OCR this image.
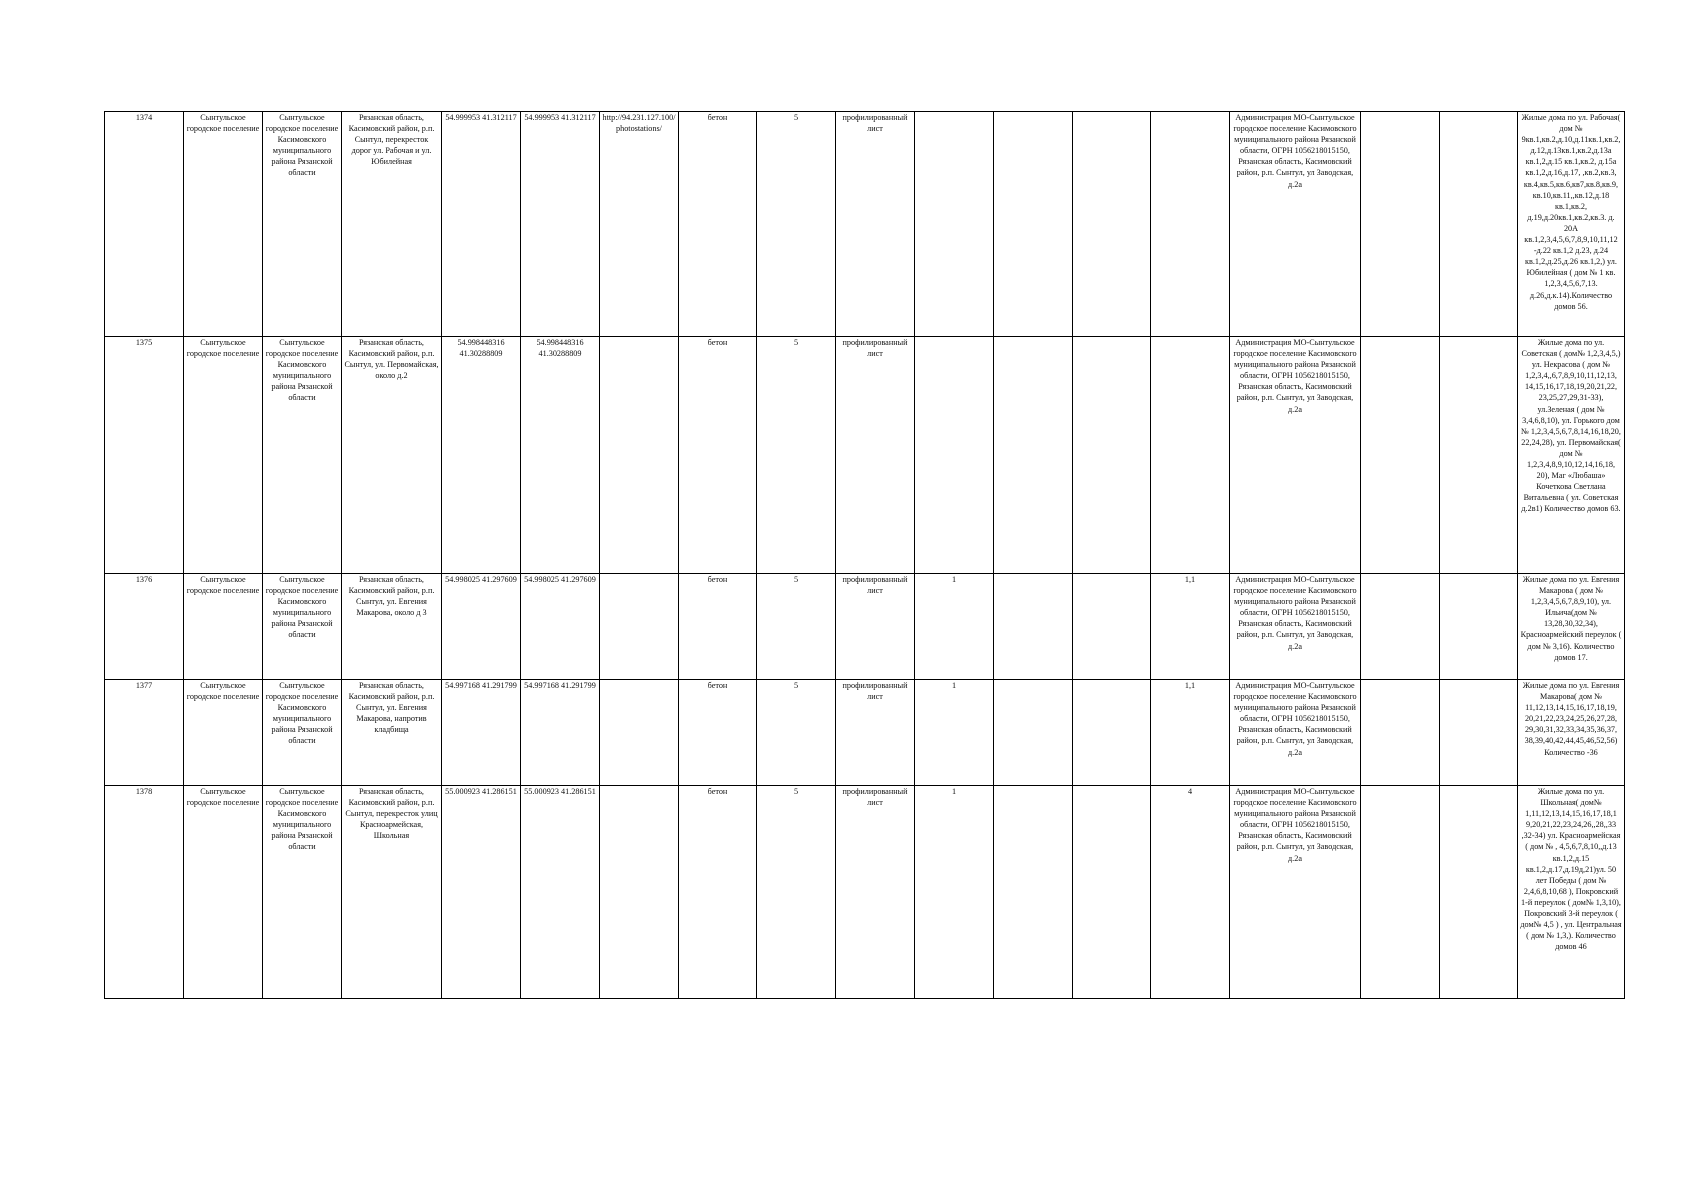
1374	Сынтульское городское поселение	Сынтульское городское поселение Касимовского муниципального района Рязанской области	Рязанская область, Касимовский район, р.п. Сынтул, перекресток дорог ул. Рабочая и ул. Юбилейная	54.999953 41.312117	54.999953 41.312117	http://94.231.127.100/photostations/	бетон	5	профилированный лист					Администрация МО-Сынтульское городское поселение Касимовского муниципального района Рязанской области, ОГРН 1056218015150, Рязанская область, Касимовский район, р.п. Сынтул, ул Заводская, д.2а			Жилые дома по ул. Рабочая( дом № 9кв.1,кв.2,д.10,д.11кв.1,кв.2,д.12,д.13кв.1,кв.2,д.13а кв.1,2,д.15 кв.1,кв.2, д.15а кв.1,2,д.16,д.17, ,кв.2,кв.3, кв.4,кв.5,кв.6,кв7,кв.8,кв.9, кв.10,кв.11,,кв.12,д.18 кв.1,кв.2, д.19,д.20кв.1,кв.2,кв.3. д. 20А кв.1,2,3,4,5,6,7,8,9,10,11,12 -д.22 кв.1,2 д.23, д.24 кв.1,2,д.25,д.26 кв.1,2,) ул. Юбилейная ( дом № 1 кв. 1,2,3,4,5,6,7,13. д.26,д.к.14).Количество домов 56.
1375	Сынтульское городское поселение	Сынтульское городское поселение Касимовского муниципального района Рязанской области	Рязанская область, Касимовский район, р.п. Сынтул, ул. Первомайская, около д.2	54.998448316 41.30288809	54.998448316 41.30288809		бетон	5	профилированный лист					Администрация МО-Сынтульское городское поселение Касимовского муниципального района Рязанской области, ОГРН 1056218015150, Рязанская область, Касимовский район, р.п. Сынтул, ул Заводская, д.2а			Жилые дома по ул. Советская ( дом№ 1,2,3,4,5,) ул. Некрасова ( дом № 1,2,3,4,,6,7,8,9,10,11,12,13, 14,15,16,17,18,19,20,21,22, 23,25,27,29,31-33), ул.Зеленая ( дом № 3,4,6,8,10), ул. Горького дом № 1,2,3,4,5,6,7,8,14,16,18,20, 22,24,28), ул. Первомайская( дом № 1,2,3,4,8,9,10,12,14,16,18, 20), Маг «Любаша» Кочеткова Светлана Витальевна ( ул. Советская д.2в1) Количество домов 63.
1376	Сынтульское городское поселение	Сынтульское городское поселение Касимовского муниципального района Рязанской области	Рязанская область, Касимовский район, р.п. Сынтул, ул. Евгения Макарова, около д 3	54.998025 41.297609	54.998025 41.297609		бетон	5	профилированный лист	1			1,1	Администрация МО-Сынтульское городское поселение Касимовского муниципального района Рязанской области, ОГРН 1056218015150, Рязанская область, Касимовский район, р.п. Сынтул, ул Заводская, д.2а			Жилые дома по ул. Евгения Макарова ( дом № 1,2,3,4,5,6,7,8,9,10), ул. Ильича(дом № 13,28,30,32,34), Красноармейский переулок ( дом № 3,16). Количество домов 17.
1377	Сынтульское городское поселение	Сынтульское городское поселение Касимовского муниципального района Рязанской области	Рязанская область, Касимовский район, р.п. Сынтул, ул. Евгения Макарова, напротив кладбища	54.997168 41.291799	54.997168 41.291799		бетон	5	профилированный лист	1			1,1	Администрация МО-Сынтульское городское поселение Касимовского муниципального района Рязанской области, ОГРН 1056218015150, Рязанская область, Касимовский район, р.п. Сынтул, ул Заводская, д.2а			Жилые дома по ул. Евгения Макарова( дом № 11,12,13,14,15,16,17,18,19, 20,21,22,23,24,25,26,27,28, 29,30,31,32,33,34,35,36,37, 38,39,40,42,44,45,46,52,56) Количество -36
1378	Сынтульское городское поселение	Сынтульское городское поселение Касимовского муниципального района Рязанской области	Рязанская область, Касимовский район, р.п. Сынтул, перекресток улиц Красноармейская, Школьная	55.000923 41.286151	55.000923 41.286151		бетон	5	профилированный лист	1			4	Администрация МО-Сынтульское городское поселение Касимовского муниципального района Рязанской области, ОГРН 1056218015150, Рязанская область, Касимовский район, р.п. Сынтул, ул Заводская, д.2а			Жилые дома по ул. Школьная( дом№ 1,11,12,13,14,15,16,17,18,1 9,20,21,22,23,24,26,,28,,33 ,32-34) ул. Красноармейская ( дом № , 4,5,6,7,8,10,,д.13 кв.1,2,д.15 кв.1,2,д.17,д.19д,21)ул. 50 лет Победы ( дом № 2,4,6,8,10,68 ), Покровский 1-й переулок ( дом№ 1,3,10), Покровский 3-й переулок ( дом№ 4,5 ) , ул. Центральная ( дом № 1,3,). Количество домов 46
